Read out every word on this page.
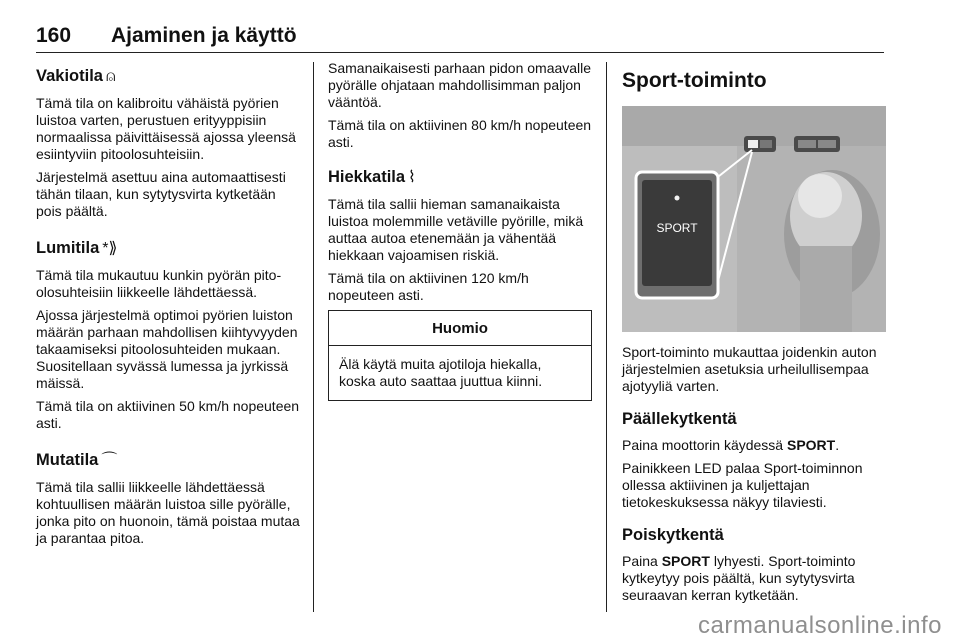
160 Ajaminen ja käyttö
Vakiotila ⍝

Tämä tila on kalibroitu vähäistä pyörien luistoa varten, perustuen erityyppisiin normaalissa päivittäisessä ajossa yleensä esiintyviin pitoolosuhteisiin.

Järjestelmä asettuu aina automaattisesti tähän tilaan, kun sytytysvirta kytketään pois päältä.

Lumitila *⟫

Tämä tila mukautuu kunkin pyörän pito-olosuhteisiin liikkeelle lähdettäessä.

Ajossa järjestelmä optimoi pyörien luiston määrän parhaan mahdollisen kiihtyvyyden takaamiseksi pitoolosuhteiden mukaan. Suositellaan syvässä lumessa ja jyrkissä mäissä.

Tämä tila on aktiivinen 50 km/h nopeuteen asti.

Mutatila ⌒

Tämä tila sallii liikkeelle lähdettäessä kohtuullisen määrän luistoa sille pyörälle, jonka pito on huonoin, tämä poistaa mutaa ja parantaa pitoa.

Samanaikaisesti parhaan pidon omaavalle pyörälle ohjataan mahdollisimman paljon vääntöä.

Tämä tila on aktiivinen 80 km/h nopeuteen asti.

Hiekkatila ⌇

Tämä tila sallii hieman samanaikaista luistoa molemmille vetäville pyörille, mikä auttaa autoa etenemään ja vähentää hiekkaan vajoamisen riskiä.

Tämä tila on aktiivinen 120 km/h nopeuteen asti.

Huomio

Älä käytä muita ajotiloja hiekalla, koska auto saattaa juuttua kiinni.

Sport-toiminto
SPORT

Sport-toiminto mukauttaa joidenkin auton järjestelmien asetuksia urheilullisempaa ajotyyliä varten.

Päällekytkentä

Paina moottorin käydessä SPORT.

Painikkeen LED palaa Sport-toiminnon ollessa aktiivinen ja kuljettajan tietokeskuksessa näkyy tilaviesti.

Poiskytkentä

Paina SPORT lyhyesti. Sport-toiminto kytkeytyy pois päältä, kun sytytysvirta seuraavan kerran kytketään.

carmanualsonline.info
